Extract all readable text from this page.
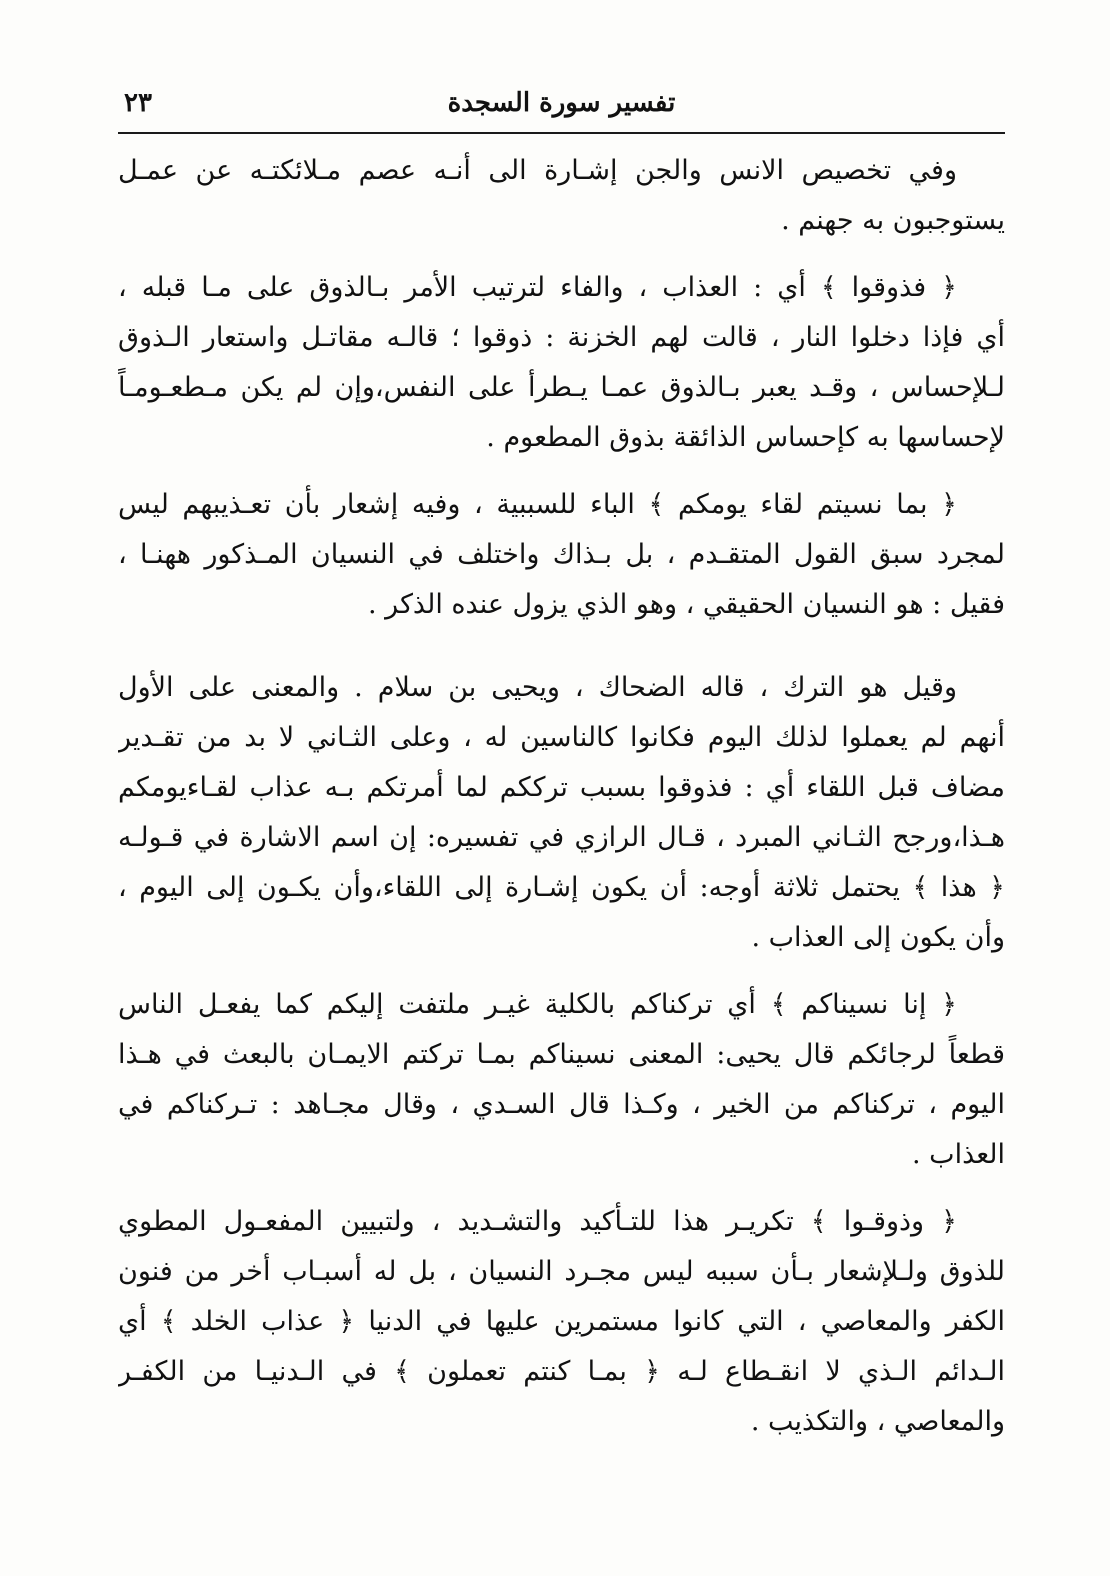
٢٣	تفسير سورة السجدة
وفي تخصيص الانس والجن إشـارة الى أنـه عصم مـلائكتـه عن عمـل
يستوجبون به جهنم .
﴿ فذوقوا ﴾ أي : العذاب ، والفاء لترتيب الأمر بـالذوق على مـا قبله ،
أي فإذا دخلوا النار ، قالت لهم الخزنة : ذوقوا ؛ قالـه مقاتـل واستعار الـذوق
لـلإحساس ، وقـد يعبر بـالذوق عمـا يـطرأ على النفس،وإن لم يكن مـطعـومـاً
لإحساسها به كإحساس الذائقة بذوق المطعوم .
﴿ بما نسيتم لقاء يومكم ﴾ الباء للسببية ، وفيه إشعار بأن تعـذيبهم ليس
لمجرد سبق القول المتقـدم ، بل بـذاك واختلف في النسيان المـذكور ههنـا ،
فقيل : هو النسيان الحقيقي ، وهو الذي يزول عنده الذكر .
وقيل هو الترك ، قاله الضحاك ، ويحيى بن سلام . والمعنى على الأول
أنهم لم يعملوا لذلك اليوم فكانوا كالناسين له ، وعلى الثـاني لا بد من تقـدير
مضاف قبل اللقاء أي : فذوقوا بسبب ترككم لما أمرتكم بـه عذاب لقـاءيومكم
هـذا،ورجح الثـاني المبرد ، قـال الرازي في تفسيره: إن اسم الاشارة في قـولـه
﴿ هذا ﴾ يحتمل ثلاثة أوجه: أن يكون إشـارة إلى اللقاء،وأن يكـون إلى اليوم ،
وأن يكون إلى العذاب .
﴿ إنا نسيناكم ﴾ أي تركناكم بالكلية غيـر ملتفت إليكم كما يفعـل الناس
قطعاً لرجائكم قال يحيى: المعنى نسيناكم بمـا تركتم الايمـان بالبعث في هـذا
اليوم ، تركناكم من الخير ، وكـذا قال السـدي ، وقال مجـاهد : تـركناكم في
العذاب .
﴿ وذوقـوا ﴾ تكريـر هذا للتـأكيد والتشـديد ، ولتبيين المفعـول المطوي
للذوق ولـلإشعار بـأن سببه ليس مجـرد النسيان ، بل له أسبـاب أخر من فنون
الكفر والمعاصي ، التي كانوا مستمرين عليها في الدنيا ﴿ عذاب الخلد ﴾ أي
الـدائم الـذي لا انقـطاع لـه ﴿ بمـا كنتم تعملون ﴾ في الـدنيـا من الكفـر
والمعاصي ، والتكذيب .
